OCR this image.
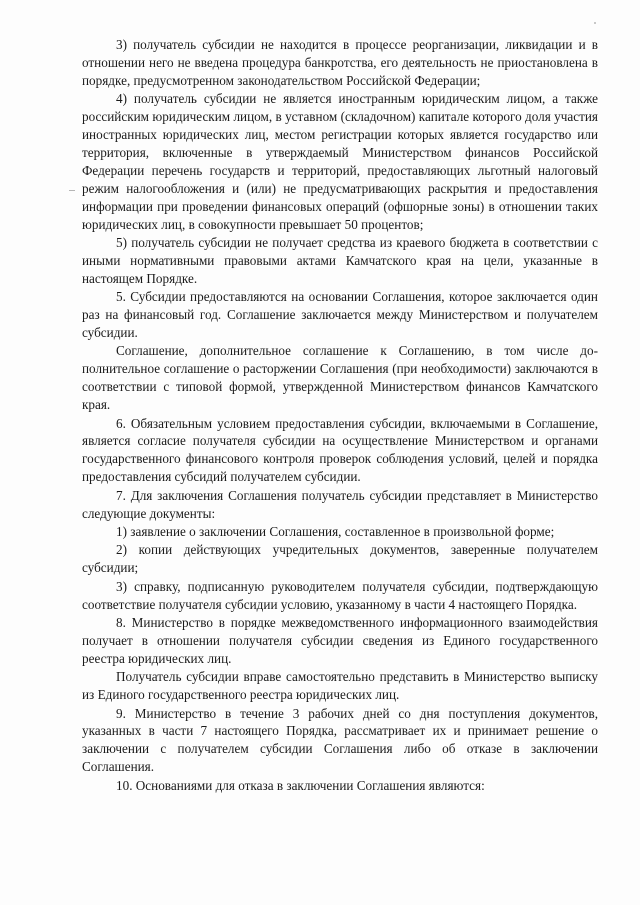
3) получатель субсидии не находится в процессе реорганизации, ликвидации и в отношении него не введена процедура банкротства, его деятельность не приостановлена в порядке, предусмотренном законодательством Российской Федерации;

4) получатель субсидии не является иностранным юридическим лицом, а также российским юридическим лицом, в уставном (складочном) капитале которого доля участия иностранных юридических лиц, местом регистрации которых является государство или территория, включенные в утверждаемый Министерством финансов Российской Федерации перечень государств и территорий, предоставляющих льготный налоговый режим налогообложения и (или) не предусматривающих раскрытия и предоставления информации при проведении финансовых операций (офшорные зоны) в отношении таких юридических лиц, в совокупности превышает 50 процентов;

5) получатель субсидии не получает средства из краевого бюджета в соответствии с иными нормативными правовыми актами Камчатского края на цели, указанные в настоящем Порядке.

5. Субсидии предоставляются на основании Соглашения, которое заключается один раз на финансовый год. Соглашение заключается между Министерством и получателем субсидии.

Соглашение, дополнительное соглашение к Соглашению, в том числе дополнительное соглашение о расторжении Соглашения (при необходимости) заключаются в соответствии с типовой формой, утвержденной Министерством финансов Камчатского края.

6. Обязательным условием предоставления субсидии, включаемыми в Соглашение, является согласие получателя субсидии на осуществление Министерством и органами государственного финансового контроля проверок соблюдения условий, целей и порядка предоставления субсидий получателем субсидии.

7. Для заключения Соглашения получатель субсидии представляет в Министерство следующие документы:

1) заявление о заключении Соглашения, составленное в произвольной форме;

2) копии действующих учредительных документов, заверенные получателем субсидии;

3) справку, подписанную руководителем получателя субсидии, подтверждающую соответствие получателя субсидии условию, указанному в части 4 настоящего Порядка.

8. Министерство в порядке межведомственного информационного взаимодействия получает в отношении получателя субсидии сведения из Единого государственного реестра юридических лиц.

Получатель субсидии вправе самостоятельно представить в Министерство выписку из Единого государственного реестра юридических лиц.

9. Министерство в течение 3 рабочих дней со дня поступления документов, указанных в части 7 настоящего Порядка, рассматривает их и принимает решение о заключении с получателем субсидии Соглашения либо об отказе в заключении Соглашения.

10. Основаниями для отказа в заключении Соглашения являются:
